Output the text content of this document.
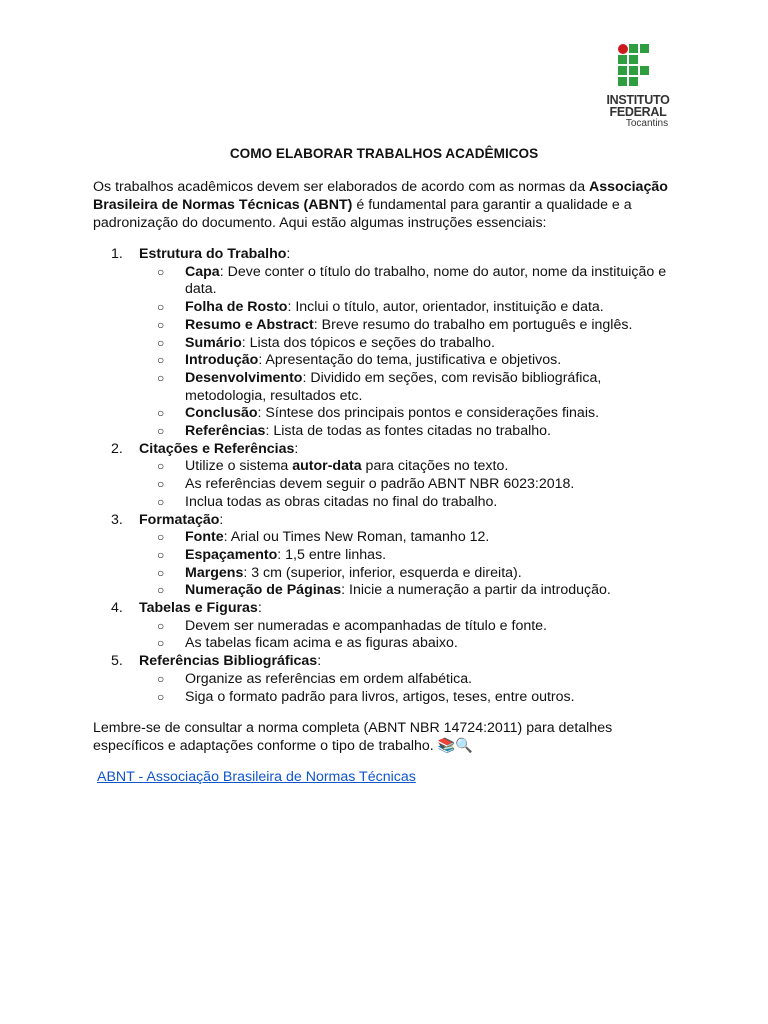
INSTITUTO
FEDERAL
Tocantins
COMO ELABORAR TRABALHOS ACADÊMICOS
Os trabalhos acadêmicos devem ser elaborados de acordo com as normas da Associação Brasileira de Normas Técnicas (ABNT) é fundamental para garantir a qualidade e a padronização do documento. Aqui estão algumas instruções essenciais:
1.	Estrutura do Trabalho:
○	Capa: Deve conter o título do trabalho, nome do autor, nome da instituição e data.
○	Folha de Rosto: Inclui o título, autor, orientador, instituição e data.
○	Resumo e Abstract: Breve resumo do trabalho em português e inglês.
○	Sumário: Lista dos tópicos e seções do trabalho.
○	Introdução: Apresentação do tema, justificativa e objetivos.
○	Desenvolvimento: Dividido em seções, com revisão bibliográfica, metodologia, resultados etc.
○	Conclusão: Síntese dos principais pontos e considerações finais.
○	Referências: Lista de todas as fontes citadas no trabalho.
2.	Citações e Referências:
○	Utilize o sistema autor-data para citações no texto.
○	As referências devem seguir o padrão ABNT NBR 6023:2018.
○	Inclua todas as obras citadas no final do trabalho.
3.	Formatação:
○	Fonte: Arial ou Times New Roman, tamanho 12.
○	Espaçamento: 1,5 entre linhas.
○	Margens: 3 cm (superior, inferior, esquerda e direita).
○	Numeração de Páginas: Inicie a numeração a partir da introdução.
4.	Tabelas e Figuras:
○	Devem ser numeradas e acompanhadas de título e fonte.
○	As tabelas ficam acima e as figuras abaixo.
5.	Referências Bibliográficas:
○	Organize as referências em ordem alfabética.
○	Siga o formato padrão para livros, artigos, teses, entre outros.
Lembre-se de consultar a norma completa (ABNT NBR 14724:2011) para detalhes específicos e adaptações conforme o tipo de trabalho. 📚🔍
ABNT - Associação Brasileira de Normas Técnicas
